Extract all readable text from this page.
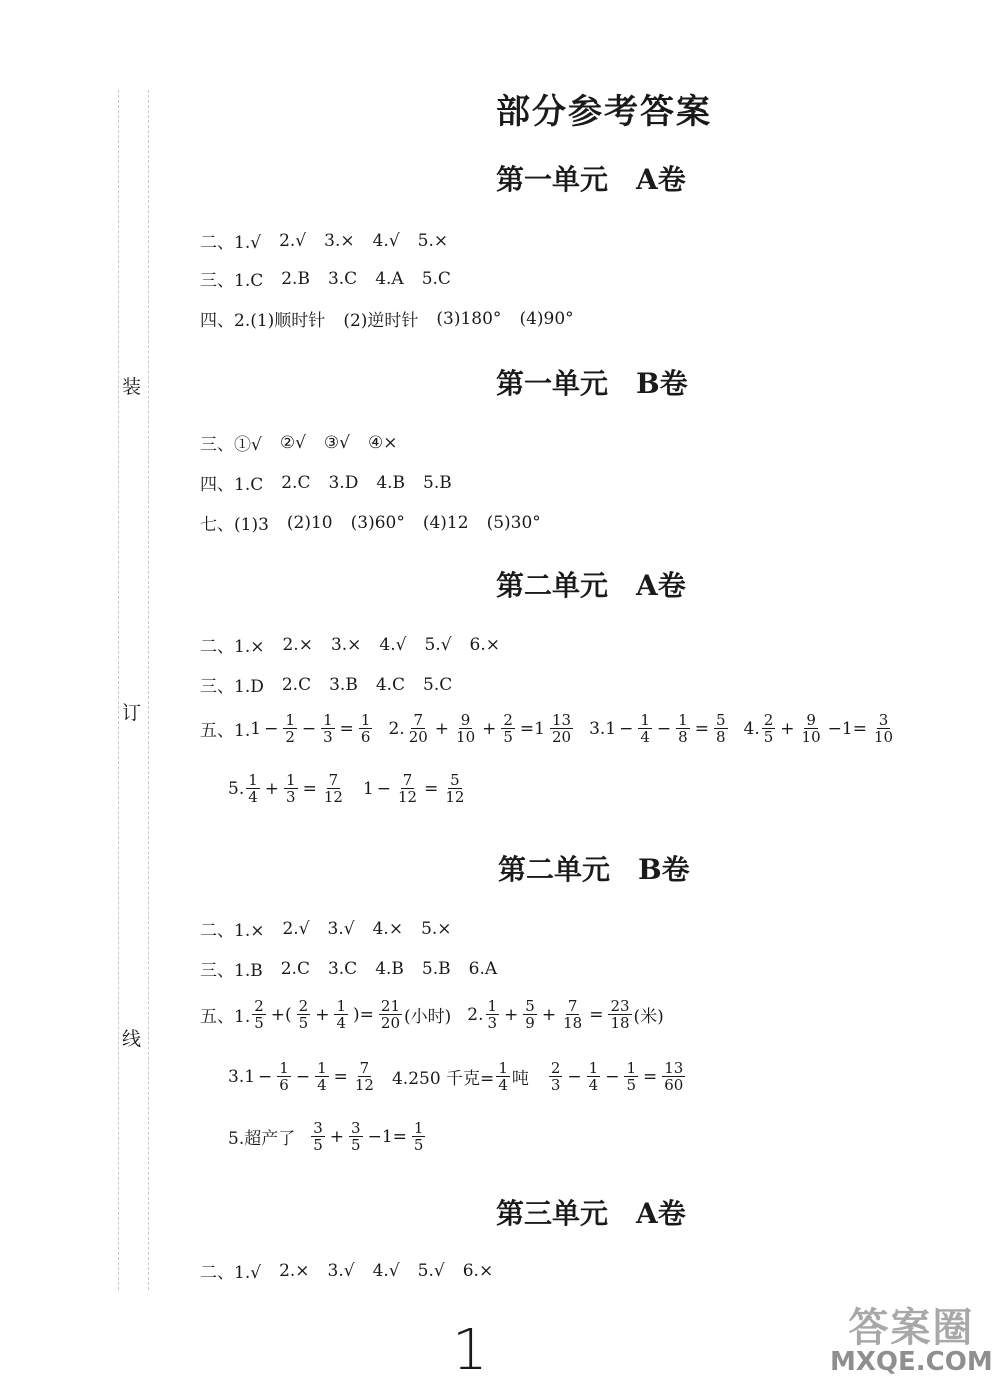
装
订
线
部分参考答案
第一单元 A卷
二、1.√ 2.√ 3.× 4.√ 5.×
三、1.C 2.B 3.C 4.A 5.C
四、2.(1)顺时针 (2)逆时针 (3)180° (4)90°
第一单元 B卷
三、①√ ②√ ③√ ④×
四、1.C 2.C 3.D 4.B 5.B
七、(1)3 (2)10 (3)60° (4)12 (5)30°
第二单元 A卷
二、1.× 2.× 3.× 4.√ 5.√ 6.×
三、1.D 2.C 3.B 4.C 5.C
五、1. $1 - \frac{1}{2} - \frac{1}{3} = \frac{1}{6} 2$. $\frac{7}{20} + \frac{9}{10} + \frac{2}{5} =1 \frac{13}{20} 3.1 - \frac{1}{4} - \frac{1}{8} = \frac{5}{8} 4$. $\frac{2}{5} + \frac{9}{10} -1= \frac{3}{10}$
5. $\frac{1}{4} + \frac{1}{3} = \frac{7}{12} 1 - \frac{7}{12} = \frac{5}{12}$
第二单元 B卷
二、1.× 2.√ 3.√ 4.× 5.×
三、1.B 2.C 3.C 4.B 5.B 6.A
五、1. $\frac{2}{5}$ +( $\frac{2}{5} + \frac{1}{4}$ )= $\frac{21}{20}$ (小时) 2. $\frac{1}{3} + \frac{5}{9} + \frac{7}{18} = \frac{23}{18}$ (米)
$3.1 - \frac{1}{6} - \frac{1}{4} = \frac{7}{12} 4.250$ 千克= $\frac{1}{4}$ 吨 $\frac{2}{3} - \frac{1}{4} - \frac{1}{5} = \frac{13}{60}$
5.超产了 $\frac{3}{5} + \frac{3}{5} -1= \frac{1}{5}$
第三单元 A卷
二、1.√ 2.× 3.√ 4.√ 5.√ 6.×
1	答案圈
MXQE.COM
